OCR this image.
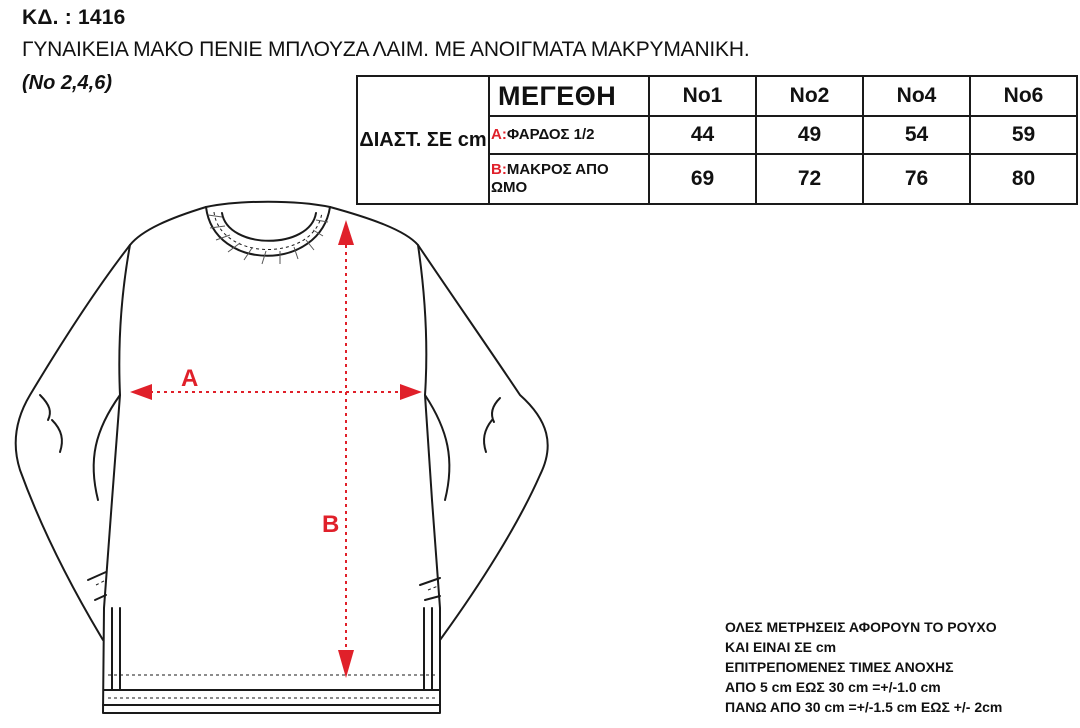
ΚΔ. : 1416
ΓΥΝΑΙΚΕΙΑ ΜΑΚΟ ΠΕΝΙΕ ΜΠΛΟΥΖΑ ΛΑΙΜ. ΜΕ ΑΝΟΙΓΜΑΤΑ ΜΑΚΡΥΜΑΝΙΚΗ.
(No 2,4,6)
ΔΙΑΣΤ. ΣΕ cm	ΜΕΓΕΘΗ	No1	No2	No4	No6
	A:ΦΑΡΔΟΣ 1/2	44	49	54	59
	B:ΜΑΚΡΟΣ ΑΠΟ
ΩΜΟ	69	72	76	80
A
B
ΟΛΕΣ ΜΕΤΡΗΣΕΙΣ ΑΦΟΡΟΥΝ ΤΟ ΡΟΥΧΟ
ΚΑΙ ΕΙΝΑΙ ΣΕ cm
ΕΠΙΤΡΕΠΟΜΕΝΕΣ ΤΙΜΕΣ ΑΝΟΧΗΣ
ΑΠΟ 5 cm ΕΩΣ 30 cm =+/-1.0 cm
ΠΑΝΩ ΑΠΟ 30 cm =+/-1.5 cm ΕΩΣ +/- 2cm
